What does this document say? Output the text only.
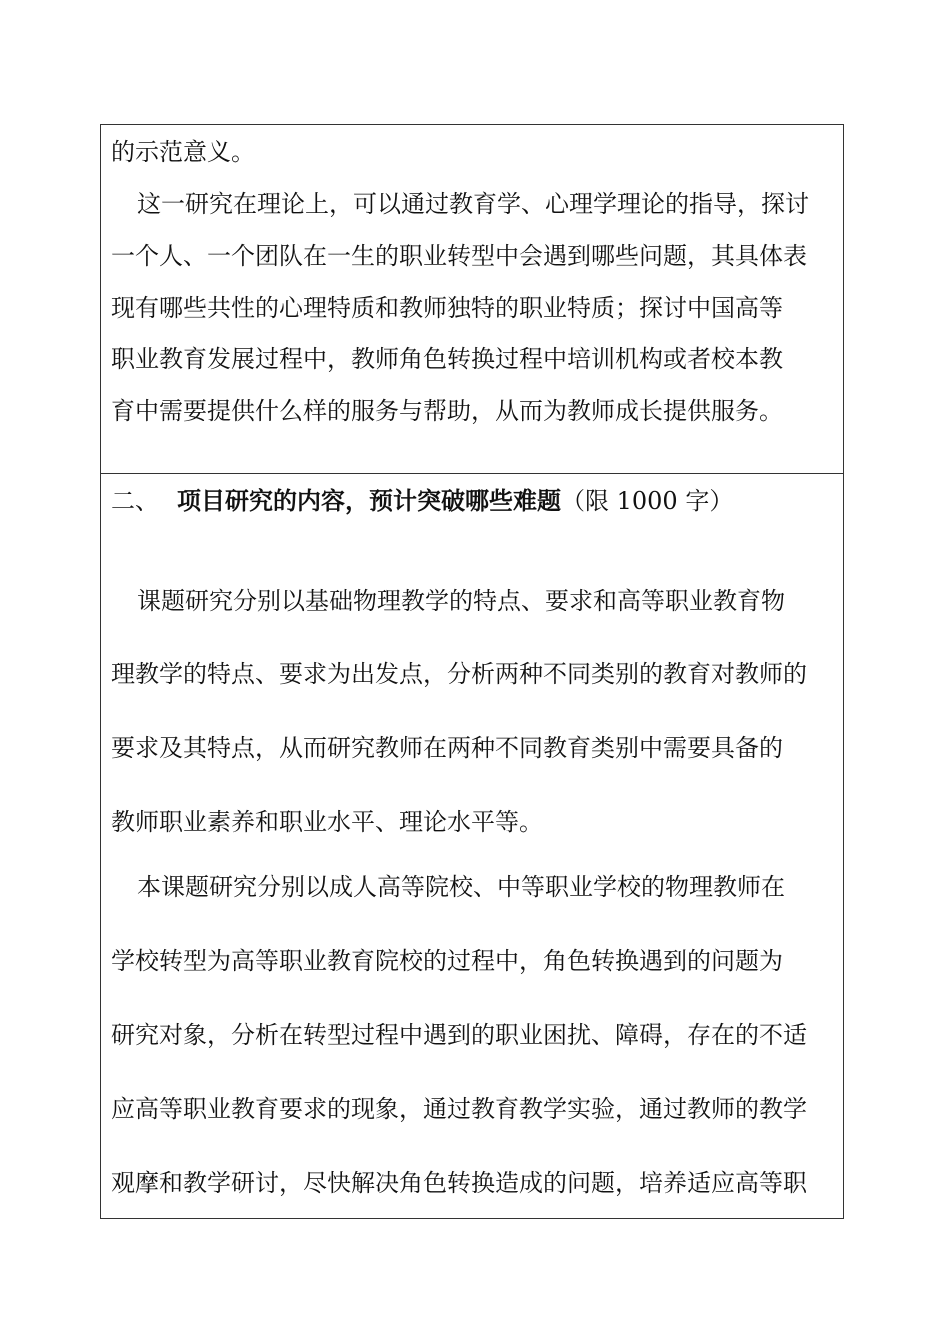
的示范意义。
这一研究在理论上，可以通过教育学、心理学理论的指导，探讨
一个人、一个团队在一生的职业转型中会遇到哪些问题，其具体表
现有哪些共性的心理特质和教师独特的职业特质；探讨中国高等
职业教育发展过程中，教师角色转换过程中培训机构或者校本教
育中需要提供什么样的服务与帮助，从而为教师成长提供服务。
二、 项目研究的内容，预计突破哪些难题（限 1000 字）
课题研究分别以基础物理教学的特点、要求和高等职业教育物
理教学的特点、要求为出发点，分析两种不同类别的教育对教师的
要求及其特点，从而研究教师在两种不同教育类别中需要具备的
教师职业素养和职业水平、理论水平等。
本课题研究分别以成人高等院校、中等职业学校的物理教师在
学校转型为高等职业教育院校的过程中，角色转换遇到的问题为
研究对象，分析在转型过程中遇到的职业困扰、障碍，存在的不适
应高等职业教育要求的现象，通过教育教学实验，通过教师的教学
观摩和教学研讨，尽快解决角色转换造成的问题，培养适应高等职
